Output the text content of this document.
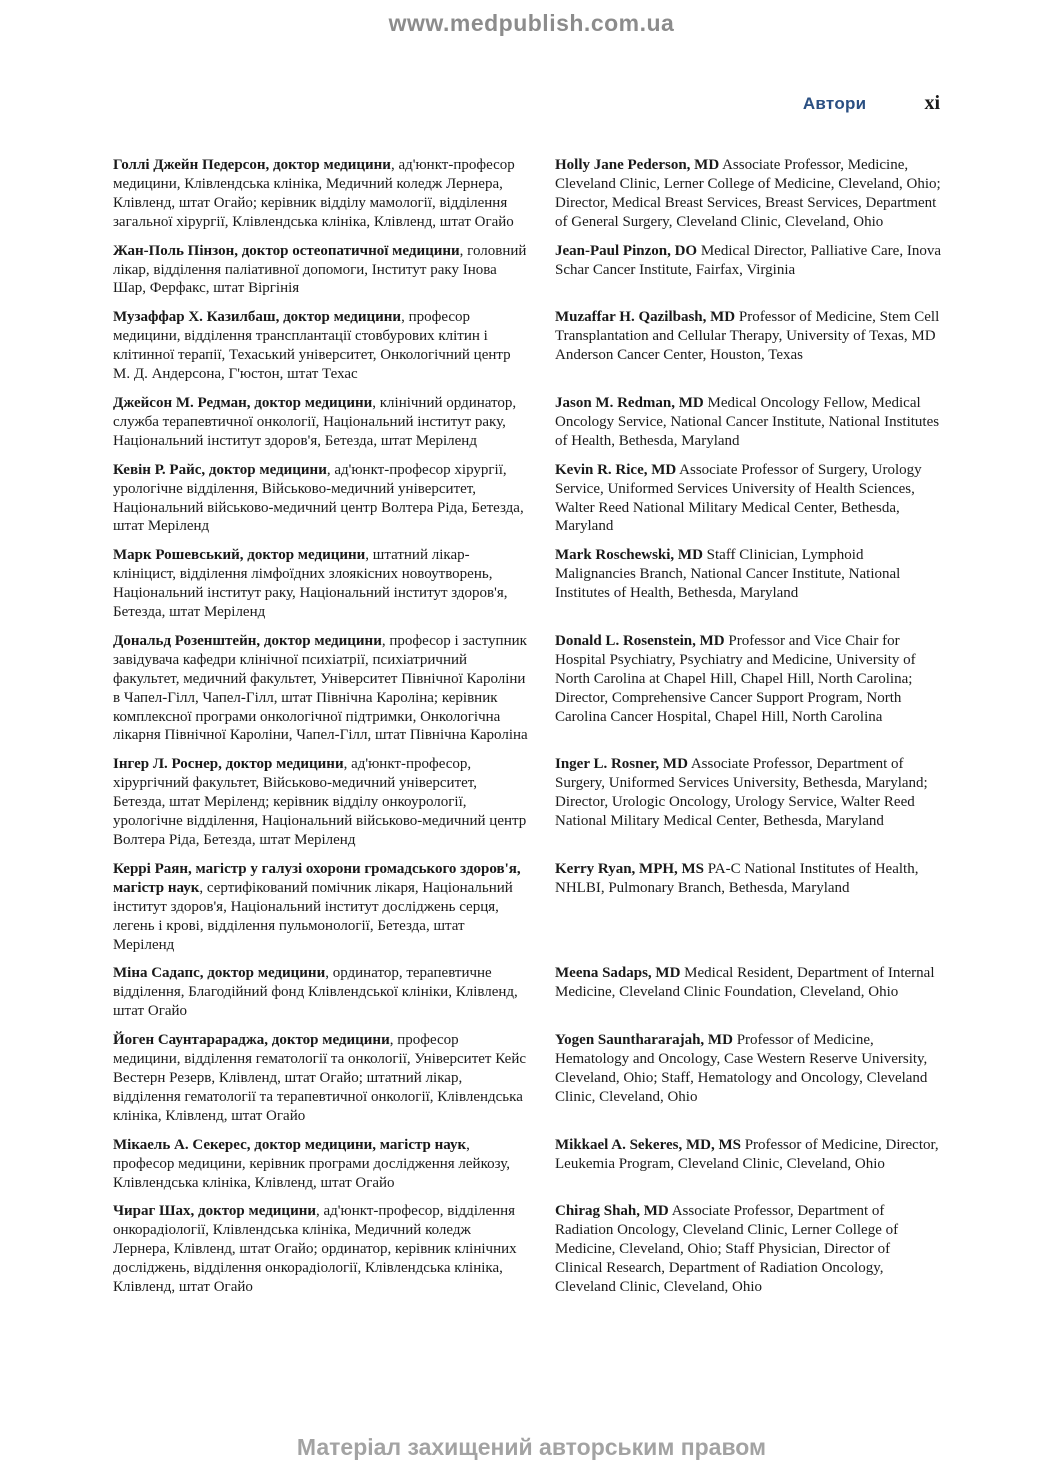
www.medpublish.com.ua
Автори	xi
Голлі Джейн Педерсон, доктор медицини, ад'юнкт-професор медицини, Клівлендська клініка, Медичний коледж Лернера, Клівленд, штат Огайо; керівник відділу мамології, відділення загальної хірургії, Клівлендська клініка, Клівленд, штат Огайо
Holly Jane Pederson, MD Associate Professor, Medicine, Cleveland Clinic, Lerner College of Medicine, Cleveland, Ohio; Director, Medical Breast Services, Breast Services, Department of General Surgery, Cleveland Clinic, Cleveland, Ohio
Жан-Поль Пінзон, доктор остеопатичної медицини, головний лікар, відділення паліативної допомоги, Інститут раку Інова Шар, Ферфакс, штат Віргінія
Jean-Paul Pinzon, DO Medical Director, Palliative Care, Inova Schar Cancer Institute, Fairfax, Virginia
Музаффар Х. Казилбаш, доктор медицини, професор медицини, відділення трансплантації стовбурових клітин і клітинної терапії, Техаський університет, Онкологічний центр М. Д. Андерсона, Г'юстон, штат Техас
Muzaffar H. Qazilbash, MD Professor of Medicine, Stem Cell Transplantation and Cellular Therapy, University of Texas, MD Anderson Cancer Center, Houston, Texas
Джейсон М. Редман, доктор медицини, клінічний ординатор, служба терапевтичної онкології, Національний інститут раку, Національний інститут здоров'я, Бетезда, штат Меріленд
Jason M. Redman, MD Medical Oncology Fellow, Medical Oncology Service, National Cancer Institute, National Institutes of Health, Bethesda, Maryland
Кевін Р. Райс, доктор медицини, ад'юнкт-професор хірургії, урологічне відділення, Військово-медичний університет, Національний військово-медичний центр Волтера Ріда, Бетезда, штат Меріленд
Kevin R. Rice, MD Associate Professor of Surgery, Urology Service, Uniformed Services University of Health Sciences, Walter Reed National Military Medical Center, Bethesda, Maryland
Марк Рошевський, доктор медицини, штатний лікар-клініцист, відділення лімфоїдних злоякісних новоутворень, Національний інститут раку, Національний інститут здоров'я, Бетезда, штат Меріленд
Mark Roschewski, MD Staff Clinician, Lymphoid Malignancies Branch, National Cancer Institute, National Institutes of Health, Bethesda, Maryland
Дональд Розенштейн, доктор медицини, професор і заступник завідувача кафедри клінічної психіатрії, психіатричний факультет, медичний факультет, Університет Північної Кароліни в Чапел-Гілл, Чапел-Гілл, штат Північна Кароліна; керівник комплексної програми онкологічної підтримки, Онкологічна лікарня Північної Кароліни, Чапел-Гілл, штат Північна Кароліна
Donald L. Rosenstein, MD Professor and Vice Chair for Hospital Psychiatry, Psychiatry and Medicine, University of North Carolina at Chapel Hill, Chapel Hill, North Carolina; Director, Comprehensive Cancer Support Program, North Carolina Cancer Hospital, Chapel Hill, North Carolina
Інгер Л. Роснер, доктор медицини, ад'юнкт-професор, хірургічний факультет, Військово-медичний університет, Бетезда, штат Меріленд; керівник відділу онкоурології, урологічне відділення, Національний військово-медичний центр Волтера Ріда, Бетезда, штат Меріленд
Inger L. Rosner, MD Associate Professor, Department of Surgery, Uniformed Services University, Bethesda, Maryland; Director, Urologic Oncology, Urology Service, Walter Reed National Military Medical Center, Bethesda, Maryland
Керрі Раян, магістр у галузі охорони громадського здоров'я, магістр наук, сертифікований помічник лікаря, Національний інститут здоров'я, Національний інститут досліджень серця, легень і крові, відділення пульмонології, Бетезда, штат Меріленд
Kerry Ryan, MPH, MS PA-C National Institutes of Health, NHLBI, Pulmonary Branch, Bethesda, Maryland
Міна Садапс, доктор медицини, ординатор, терапевтичне відділення, Благодійний фонд Клівлендської клініки, Клівленд, штат Огайо
Meena Sadaps, MD Medical Resident, Department of Internal Medicine, Cleveland Clinic Foundation, Cleveland, Ohio
Йоген Саунтарараджа, доктор медицини, професор медицини, відділення гематології та онкології, Університет Кейс Вестерн Резерв, Клівленд, штат Огайо; штатний лікар, відділення гематології та терапевтичної онкології, Клівлендська клініка, Клівленд, штат Огайо
Yogen Saunthararajah, MD Professor of Medicine, Hematology and Oncology, Case Western Reserve University, Cleveland, Ohio; Staff, Hematology and Oncology, Cleveland Clinic, Cleveland, Ohio
Мікаель А. Секерес, доктор медицини, магістр наук, професор медицини, керівник програми дослідження лейкозу, Клівлендська клініка, Клівленд, штат Огайо
Mikkael A. Sekeres, MD, MS Professor of Medicine, Director, Leukemia Program, Cleveland Clinic, Cleveland, Ohio
Чираг Шах, доктор медицини, ад'юнкт-професор, відділення онкорадіології, Клівлендська клініка, Медичний коледж Лернера, Клівленд, штат Огайо; ординатор, керівник клінічних досліджень, відділення онкорадіології, Клівлендська клініка, Клівленд, штат Огайо
Chirag Shah, MD Associate Professor, Department of Radiation Oncology, Cleveland Clinic, Lerner College of Medicine, Cleveland, Ohio; Staff Physician, Director of Clinical Research, Department of Radiation Oncology, Cleveland Clinic, Cleveland, Ohio
Матеріал захищений авторським правом
